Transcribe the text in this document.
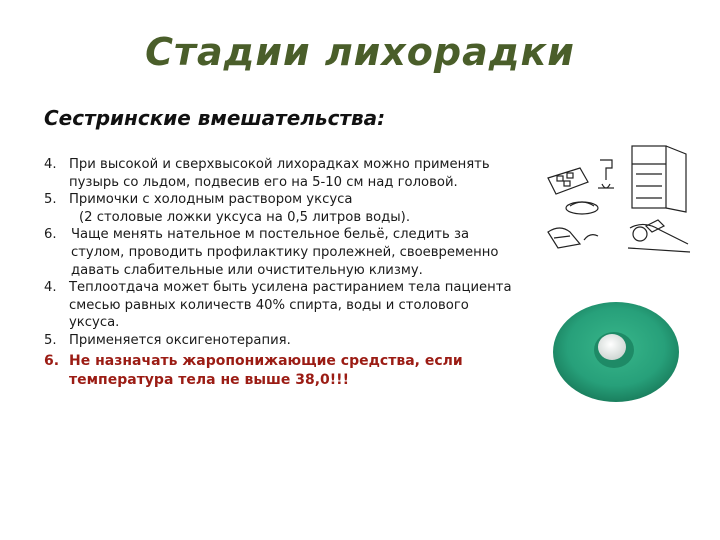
Стадии лихорадки
Сестринские вмешательства:
4. При высокой и сверхвысокой лихорадках можно применять пузырь со льдом, подвесив его на 5-10 см над головой.
5. Примочки с холодным раствором уксуса
(2 столовые ложки уксуса на 0,5 литров воды).
6.	Чаще менять нательное м постельное бельё, следить за стулом, проводить профилактику пролежней, своевременно давать слабительные или очистительную клизму.
4. Теплоотдача может быть усилена растиранием тела пациента смесью равных количеств 40% спирта, воды и столового уксуса.
5. Применяется оксигенотерапия.
6. Не назначать жаропонижающие средства, если температура тела не выше 38,0!!!
